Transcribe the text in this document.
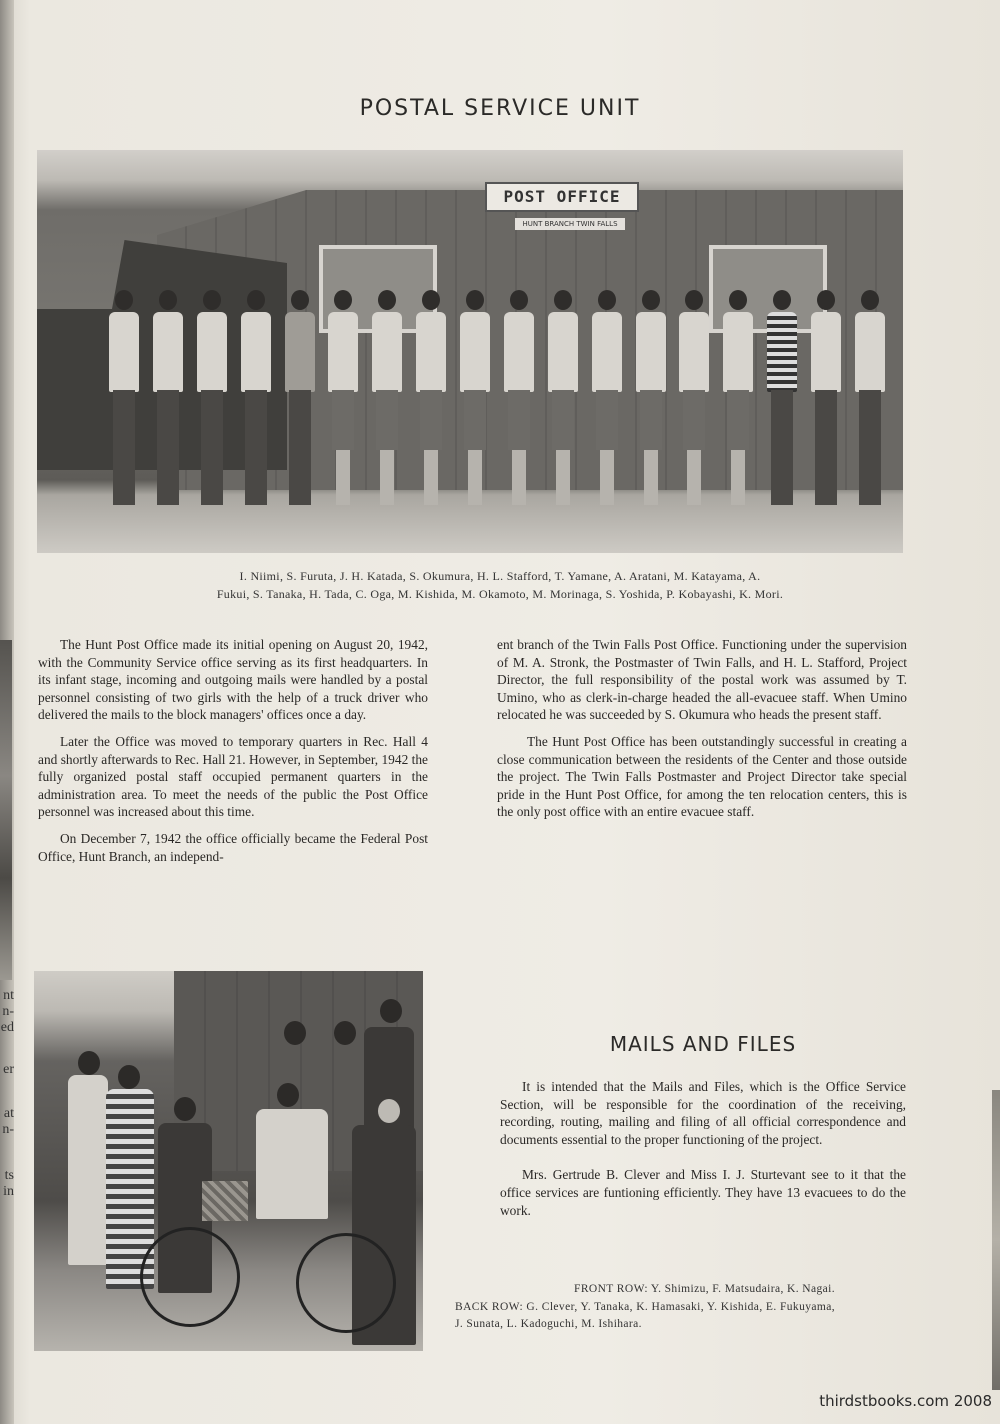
nt
n-
ed
er
at
n-
ts
in
POSTAL SERVICE UNIT
POST OFFICE
HUNT BRANCH TWIN FALLS
I. Niimi, S. Furuta, J. H. Katada, S. Okumura, H. L. Stafford, T. Yamane, A. Aratani, M. Katayama, A.
Fukui, S. Tanaka, H. Tada, C. Oga, M. Kishida, M. Okamoto, M. Morinaga, S. Yoshida, P. Kobayashi, K. Mori.

The Hunt Post Office made its initial opening on August 20, 1942, with the Community Service office serving as its first headquarters. In its infant stage, incoming and outgoing mails were handled by a postal personnel consisting of two girls with the help of a truck driver who delivered the mails to the block managers' offices once a day.

Later the Office was moved to temporary quarters in Rec. Hall 4 and shortly afterwards to Rec. Hall 21. However, in September, 1942 the fully organized postal staff occupied permanent quarters in the administration area. To meet the needs of the public the Post Office personnel was increased about this time.

On December 7, 1942 the office officially became the Federal Post Office, Hunt Branch, an independ-

ent branch of the Twin Falls Post Office. Functioning under the supervision of M. A. Stronk, the Postmaster of Twin Falls, and H. L. Stafford, Project Director, the full responsibility of the postal work was assumed by T. Umino, who as clerk-in-charge headed the all-evacuee staff. When Umino relocated he was succeeded by S. Okumura who heads the present staff.

The Hunt Post Office has been outstandingly successful in creating a close communication between the residents of the Center and those outside the project. The Twin Falls Postmaster and Project Director take special pride in the Hunt Post Office, for among the ten relocation centers, this is the only post office with an entire evacuee staff.

MAILS AND FILES

It is intended that the Mails and Files, which is the Office Service Section, will be responsible for the coordination of the receiving, recording, routing, mailing and filing of all official correspondence and documents essential to the proper functioning of the project.

Mrs. Gertrude B. Clever and Miss I. J. Sturtevant see to it that the office services are funtioning efficiently. They have 13 evacuees to do the work.

FRONT ROW: Y. Shimizu, F. Matsudaira, K. Nagai.
BACK ROW: G. Clever, Y. Tanaka, K. Hamasaki, Y. Kishida, E. Fukuyama, J. Sunata, L. Kadoguchi, M. Ishihara.
thirdstbooks.com 2008
